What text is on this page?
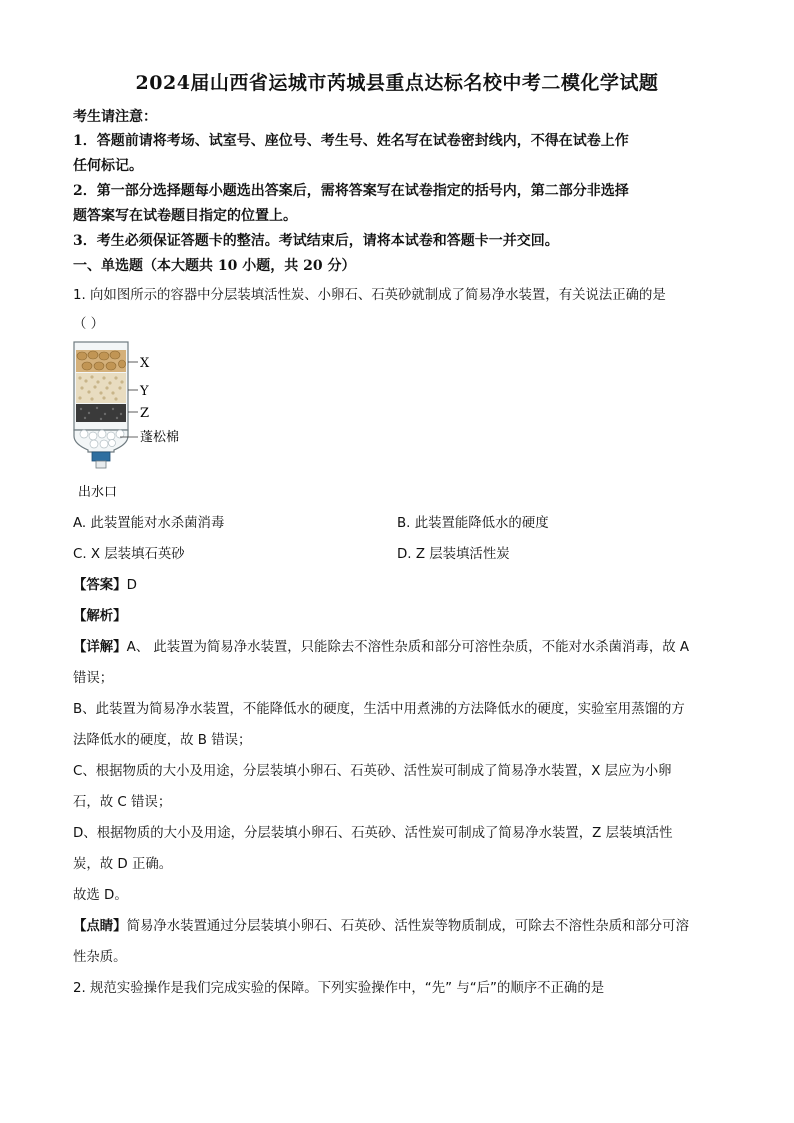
2024届山西省运城市芮城县重点达标名校中考二模化学试题
考生请注意：
1．答题前请将考场、试室号、座位号、考生号、姓名写在试卷密封线内，不得在试卷上作
任何标记。
2．第一部分选择题每小题选出答案后，需将答案写在试卷指定的括号内，第二部分非选择
题答案写在试卷题目指定的位置上。
3．考生必须保证答题卡的整洁。考试结束后，请将本试卷和答题卡一并交回。
一、单选题（本大题共 10 小题，共 20 分）
1. 向如图所示的容器中分层装填活性炭、小卵石、石英砂就制成了简易净水装置，有关说法正确的是
（ ）
X
Y
Z
蓬松棉
出水口
A. 此装置能对水杀菌消毒	B. 此装置能降低水的硬度
C. X 层装填石英砂	D. Z 层装填活性炭
【答案】D
【解析】
【详解】A、 此装置为简易净水装置，只能除去不溶性杂质和部分可溶性杂质，不能对水杀菌消毒，故 A
错误；
B、此装置为简易净水装置，不能降低水的硬度，生活中用煮沸的方法降低水的硬度，实验室用蒸馏的方
法降低水的硬度，故 B 错误；
C、根据物质的大小及用途，分层装填小卵石、石英砂、活性炭可制成了简易净水装置，X 层应为小卵
石，故 C 错误；
D、根据物质的大小及用途，分层装填小卵石、石英砂、活性炭可制成了简易净水装置，Z 层装填活性
炭，故 D 正确。
故选 D。
【点睛】简易净水装置通过分层装填小卵石、石英砂、活性炭等物质制成，可除去不溶性杂质和部分可溶
性杂质。
2. 规范实验操作是我们完成实验的保障。下列实验操作中，“先” 与“后”的顺序不正确的是
